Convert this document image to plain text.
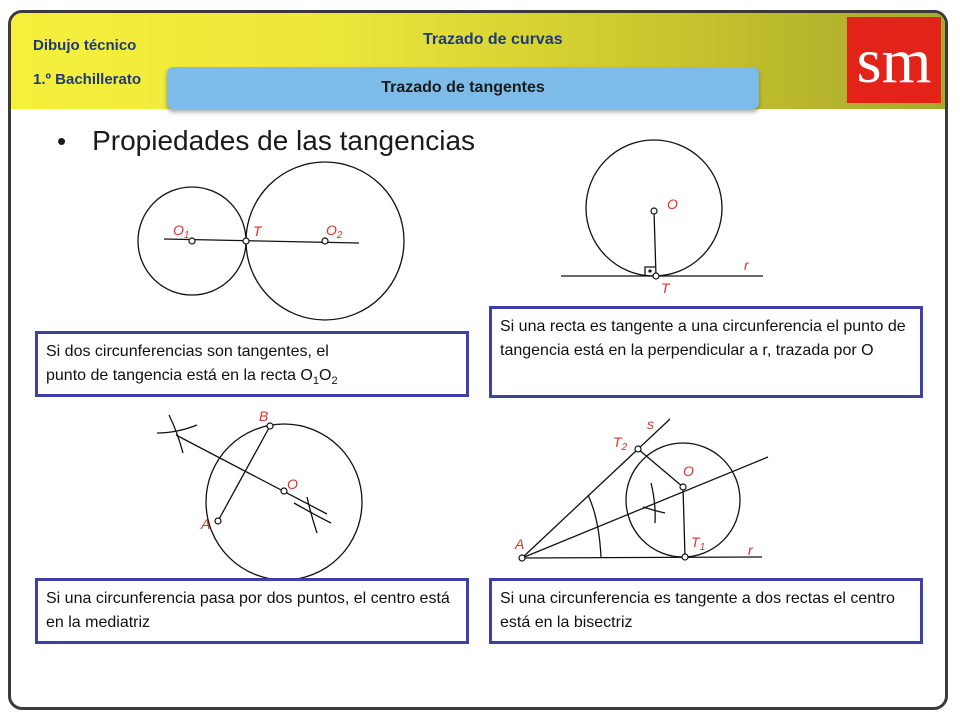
Dibujo técnico
1.º Bachillerato
Trazado de curvas
Trazado de tangentes	sm
• Propiedades de las tangencias
$O_1$	T	$O_2$
O
r
T
B
O
A
s
$T_2$
O
A	$T_1$	r
Si dos circunferencias son tangentes, el
punto de tangencia está en la recta $O_1O_2$
Si una recta es tangente a una circunferencia el punto de tangencia está en la perpendicular a r, trazada por O
Si una circunferencia pasa por dos puntos, el centro está en la mediatriz
Si una circunferencia es tangente a dos rectas el centro está en la bisectriz
